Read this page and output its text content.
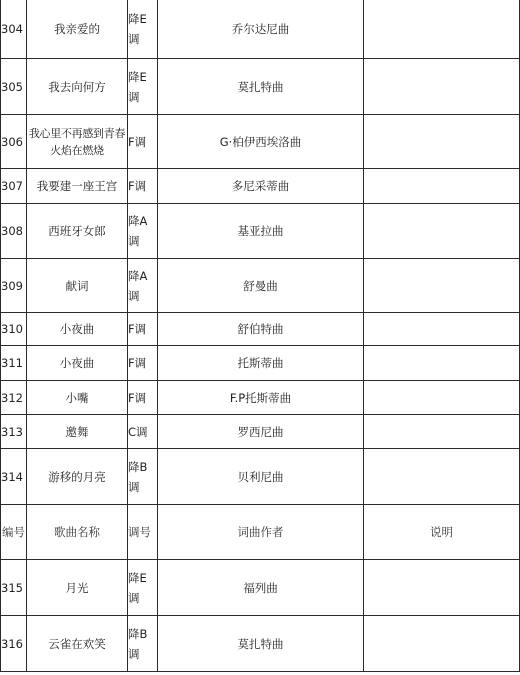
304	我亲爱的	降E调	乔尔达尼曲	
305	我去向何方	降E调	莫扎特曲	
306	我心里不再感到青春火焰在燃烧	F调	G·柏伊西埃洛曲	
307	我要建一座王宫	F调	多尼采蒂曲	
308	西班牙女郎	降A调	基亚拉曲	
309	献词	降A调	舒曼曲	
310	小夜曲	F调	舒伯特曲	
311	小夜曲	F调	托斯蒂曲	
312	小嘴	F调	F.P托斯蒂曲	
313	邀舞	C调	罗西尼曲	
314	游移的月亮	降B调	贝利尼曲	

编号	歌曲名称	调号	词曲作者	说明
315	月光	降E调	福列曲	
316	云雀在欢笑	降B调	莫扎特曲	
